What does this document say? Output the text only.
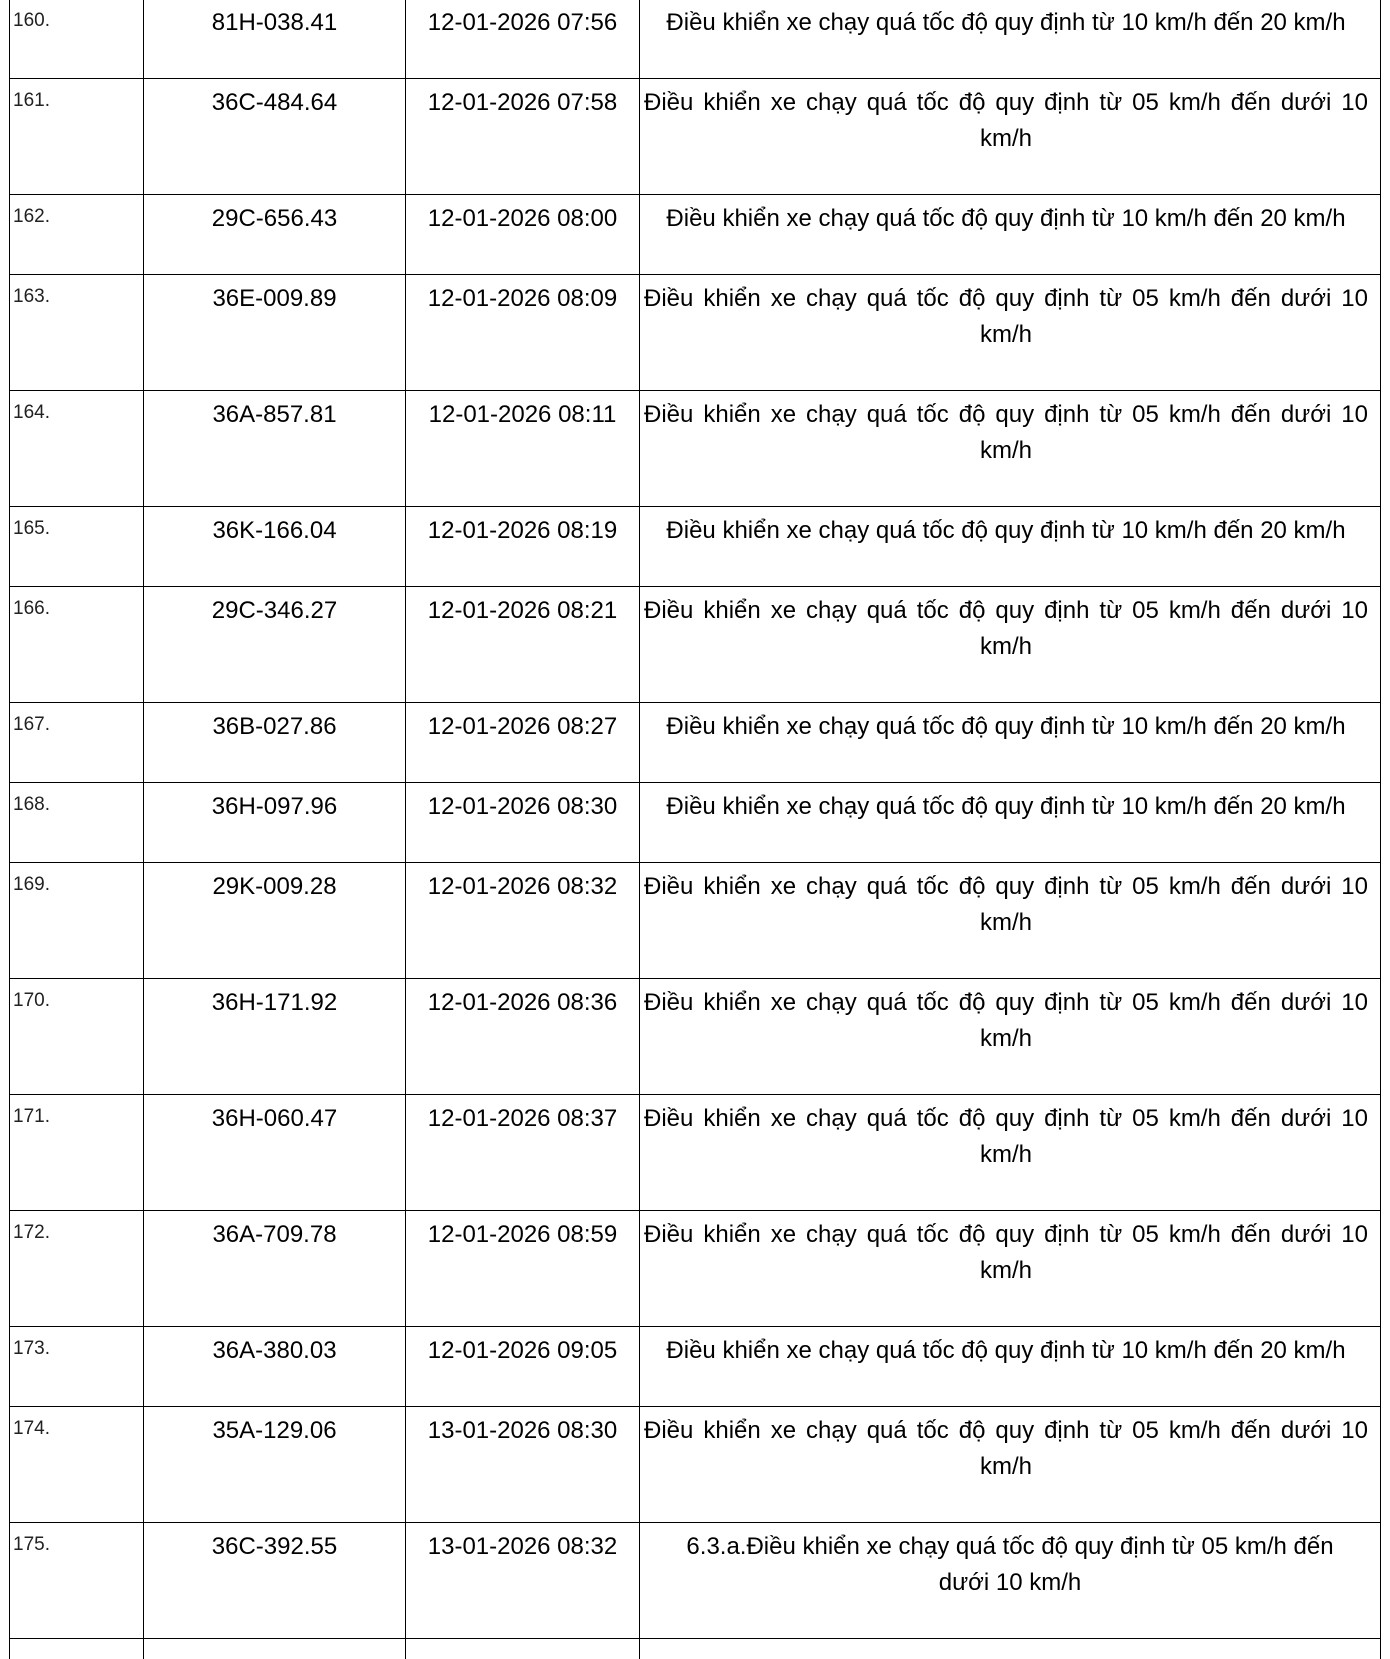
160.	81H-038.41	12-01-2026 07:56	Điều khiển xe chạy quá tốc độ quy định từ 10 km/h đến 20 km/h
161.	36C-484.64	12-01-2026 07:58	Điều khiển xe chạy quá tốc độ quy định từ 05 km/h đến dưới 10 km/h
162.	29C-656.43	12-01-2026 08:00	Điều khiển xe chạy quá tốc độ quy định từ 10 km/h đến 20 km/h
163.	36E-009.89	12-01-2026 08:09	Điều khiển xe chạy quá tốc độ quy định từ 05 km/h đến dưới 10 km/h
164.	36A-857.81	12-01-2026 08:11	Điều khiển xe chạy quá tốc độ quy định từ 05 km/h đến dưới 10 km/h
165.	36K-166.04	12-01-2026 08:19	Điều khiển xe chạy quá tốc độ quy định từ 10 km/h đến 20 km/h
166.	29C-346.27	12-01-2026 08:21	Điều khiển xe chạy quá tốc độ quy định từ 05 km/h đến dưới 10 km/h
167.	36B-027.86	12-01-2026 08:27	Điều khiển xe chạy quá tốc độ quy định từ 10 km/h đến 20 km/h
168.	36H-097.96	12-01-2026 08:30	Điều khiển xe chạy quá tốc độ quy định từ 10 km/h đến 20 km/h
169.	29K-009.28	12-01-2026 08:32	Điều khiển xe chạy quá tốc độ quy định từ 05 km/h đến dưới 10 km/h
170.	36H-171.92	12-01-2026 08:36	Điều khiển xe chạy quá tốc độ quy định từ 05 km/h đến dưới 10 km/h
171.	36H-060.47	12-01-2026 08:37	Điều khiển xe chạy quá tốc độ quy định từ 05 km/h đến dưới 10 km/h
172.	36A-709.78	12-01-2026 08:59	Điều khiển xe chạy quá tốc độ quy định từ 05 km/h đến dưới 10 km/h
173.	36A-380.03	12-01-2026 09:05	Điều khiển xe chạy quá tốc độ quy định từ 10 km/h đến 20 km/h
174.	35A-129.06	13-01-2026 08:30	Điều khiển xe chạy quá tốc độ quy định từ 05 km/h đến dưới 10 km/h
175.	36C-392.55	13-01-2026 08:32	6.3.a.Điều khiển xe chạy quá tốc độ quy định từ 05 km/h đến dưới 10 km/h
